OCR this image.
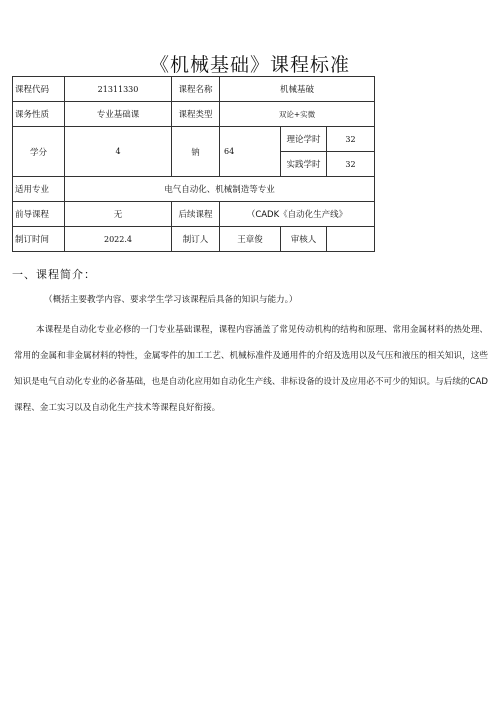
《机械基础》课程标准
课程代码	21311330	课程名称	机械基破		
课务性质	专业基础课	课程类型	双论+实微		
学分	4	钠	64	理论学时	32
				实践学时	32
适用专业	电气自动化、机械制造等专业				
前导课程	无	后续课程	（CADK《自动化生产线》		
制订时间	2022.4	制订人	王章俊	审核人	
一、课程简介：
（概括主要教学内容、要求学生学习该课程后具备的知识与能力。）
本课程是自动化专业必修的一门专业基础课程，课程内容涵盖了常见传动机构的结构和原理、常用金属材料的热处理、常用的金属和非金属材料的特性，金属零件的加工工艺、机械标准件及通用件的介绍及选用以及气压和液压的相关知识，这些知识是电气自动化专业的必备基础，也是自动化应用如自动化生产线、非标设备的设计及应用必不可少的知识。与后续的CAD课程、金工实习以及自动化生产技术等课程良好衔接。
